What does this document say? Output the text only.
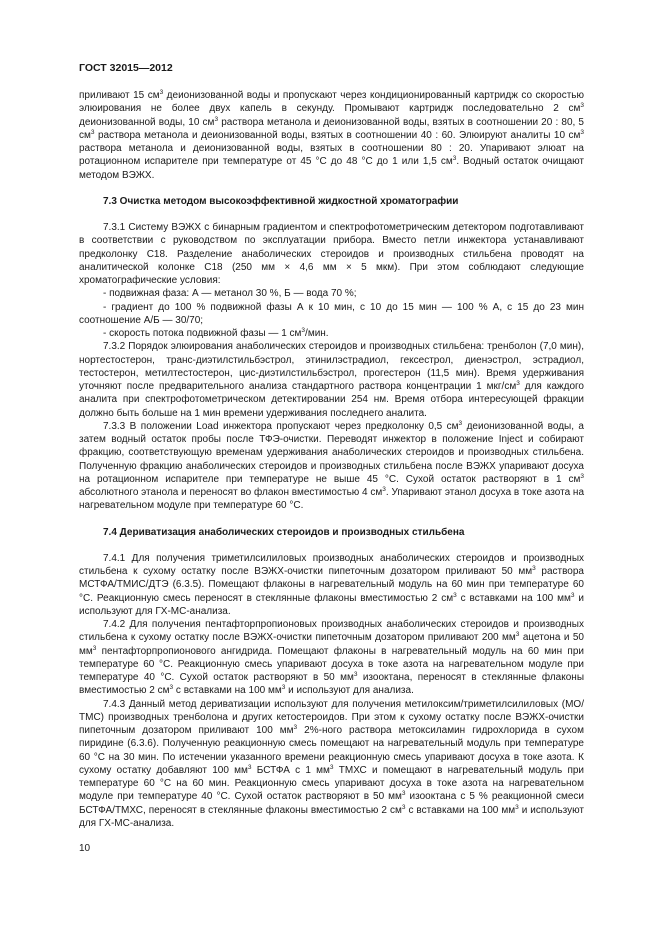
ГОСТ 32015—2012

приливают 15 $см^3$ деионизованной воды и пропускают через кондиционированный картридж со скоростью элюирования не более двух капель в секунду. Промывают картридж последовательно 2 $см^3$ деионизованной воды, 10 $см^3$ раствора метанола и деионизованной воды, взятых в соотношении 20 : 80, 5 $см^3$ раствора метанола и деионизованной воды, взятых в соотношении 40 : 60. Элюируют аналиты 10 $см^3$ раствора метанола и деионизованной воды, взятых в соотношении 80 : 20. Упаривают элюат на ротационном испарителе при температуре от 45 °С до 48 °С до 1 или 1,5 $см^3$. Водный остаток очищают методом ВЭЖХ.

7.3 Очистка методом высокоэффективной жидкостной хроматографии

7.3.1 Систему ВЭЖХ с бинарным градиентом и спектрофотометрическим детектором подготавливают в соответствии с руководством по эксплуатации прибора. Вместо петли инжектора устанавливают предколонку С18. Разделение анаболических стероидов и производных стильбена проводят на аналитической колонке С18 (250 мм × 4,6 мм × 5 мкм). При этом соблюдают следующие хроматографические условия:

- подвижная фаза: А — метанол 30 %, Б — вода 70 %;

- градиент до 100 % подвижной фазы А к 10 мин, с 10 до 15 мин — 100 % А, с 15 до 23 мин соотношение А/Б — 30/70;

- скорость потока подвижной фазы — 1 $см^3$/мин.

7.3.2 Порядок элюирования анаболических стероидов и производных стильбена: тренболон (7,0 мин), нортестостерон, транс-диэтилстильбэстрол, этинилэстрадиол, гексестрол, диенэстрол, эстрадиол, тестостерон, метилтестостерон, цис-диэтилстильбэстрол, прогестерон (11,5 мин). Время удерживания уточняют после предварительного анализа стандартного раствора концентрации 1 мкг/$см^3$ для каждого аналита при спектрофотометрическом детектировании 254 нм. Время отбора интересующей фракции должно быть больше на 1 мин времени удерживания последнего аналита.

7.3.3 В положении Load инжектора пропускают через предколонку 0,5 $см^3$ деионизованной воды, а затем водный остаток пробы после ТФЭ-очистки. Переводят инжектор в положение Inject и собирают фракцию, соответствующую временам удерживания анаболических стероидов и производных стильбена. Полученную фракцию анаболических стероидов и производных стильбена после ВЭЖХ упаривают досуха на ротационном испарителе при температуре не выше 45 °С. Сухой остаток растворяют в 1 $см^3$ абсолютного этанола и переносят во флакон вместимостью 4 $см^3$. Упаривают этанол досуха в токе азота на нагревательном модуле при температуре 60 °С.

7.4 Дериватизация анаболических стероидов и производных стильбена

7.4.1 Для получения триметилсилиловых производных анаболических стероидов и производных стильбена к сухому остатку после ВЭЖХ-очистки пипеточным дозатором приливают 50 $мм^3$ раствора МСТФА/ТМИС/ДТЭ (6.3.5). Помещают флаконы в нагревательный модуль на 60 мин при температуре 60 °С. Реакционную смесь переносят в стеклянные флаконы вместимостью 2 $см^3$ с вставками на 100 $мм^3$ и используют для ГХ-МС-анализа.

7.4.2 Для получения пентафторпропионовых производных анаболических стероидов и производных стильбена к сухому остатку после ВЭЖХ-очистки пипеточным дозатором приливают 200 $мм^3$ ацетона и 50 $мм^3$ пентафторпропионового ангидрида. Помещают флаконы в нагревательный модуль на 60 мин при температуре 60 °С. Реакционную смесь упаривают досуха в токе азота на нагревательном модуле при температуре 40 °С. Сухой остаток растворяют в 50 $мм^3$ изооктана, переносят в стеклянные флаконы вместимостью 2 $см^3$ с вставками на 100 $мм^3$ и используют для анализа.

7.4.3 Данный метод дериватизации используют для получения метилоксим/триметилсилиловых (МО/ТМС) производных тренболона и других кетостероидов. При этом к сухому остатку после ВЭЖХ-очистки пипеточным дозатором приливают 100 $мм^3$ 2%-ного раствора метоксиламин гидрохлорида в сухом пиридине (6.3.6). Полученную реакционную смесь помещают на нагревательный модуль при температуре 60 °С на 30 мин. По истечении указанного времени реакционную смесь упаривают досуха в токе азота. К сухому остатку добавляют 100 $мм^3$ БСТФА с 1 $мм^3$ ТМХС и помещают в нагревательный модуль при температуре 60 °С на 60 мин. Реакционную смесь упаривают досуха в токе азота на нагревательном модуле при температуре 40 °С. Сухой остаток растворяют в 50 $мм^3$ изооктана с 5 % реакционной смеси БСТФА/ТМХС, переносят в стеклянные флаконы вместимостью 2 $см^3$ с вставками на 100 $мм^3$ и используют для ГХ-МС-анализа.

10
